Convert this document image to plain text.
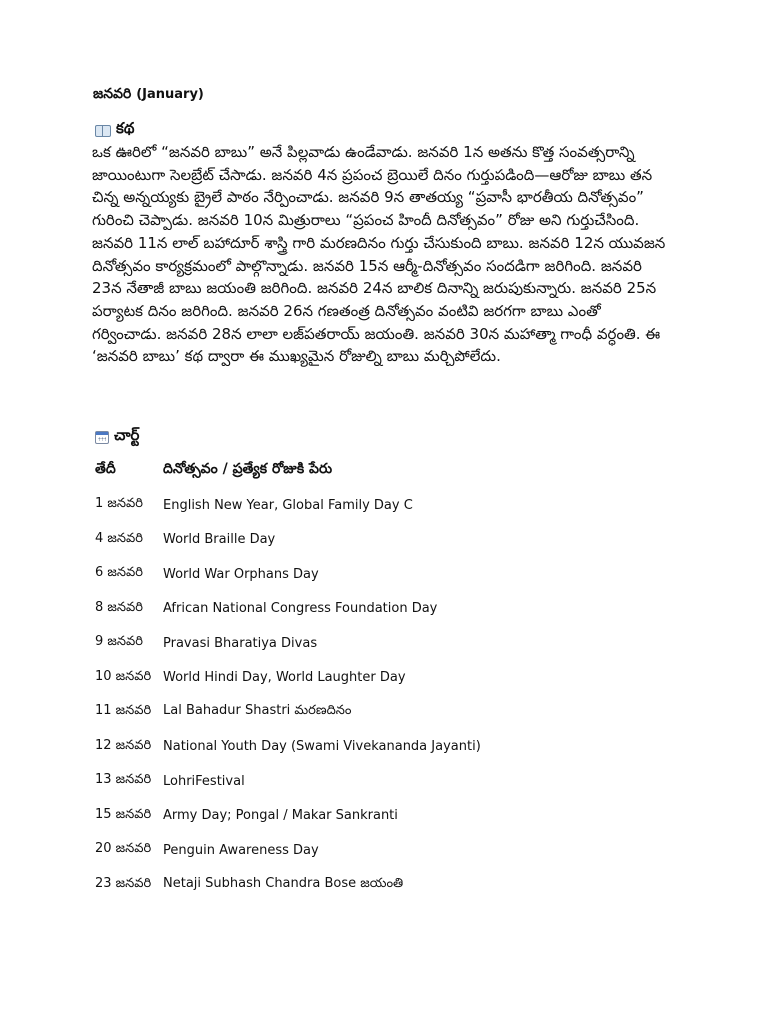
జనవరి (January)
కథ

ఒక ఊరిలో “జనవరి బాబు” అనే పిల్లవాడు ఉండేవాడు. జనవరి 1న అతను కొత్త సంవత్సరాన్ని జాయింటుగా సెలబ్రేట్ చేసాడు. జనవరి 4న ప్రపంచ బ్రెయిలే దినం గుర్తుపడింది—ఆరోజు బాబు తన చిన్న అన్నయ్యకు బ్రైలే పాఠం నేర్పించాడు. జనవరి 9న తాతయ్య “ప్రవాసీ భారతీయ దినోత్సవం” గురించి చెప్పాడు. జనవరి 10న మిత్రురాలు “ప్రపంచ హిందీ దినోత్సవం” రోజు అని గుర్తుచేసింది. జనవరి 11న లాల్ బహాదూర్ శాస్త్రి గారి మరణదినం గుర్తు చేసుకుంది బాబు. జనవరి 12న యువజన దినోత్సవం కార్యక్రమంలో పాల్గొన్నాడు. జనవరి 15న ఆర్మీ-దినోత్సవం సందడిగా జరిగింది. జనవరి 23న నేతాజీ బాబు జయంతి జరిగింది. జనవరి 24న బాలిక దినాన్ని జరుపుకున్నారు. జనవరి 25న పర్యాటక దినం జరిగింది. జనవరి 26న గణతంత్ర దినోత్సవం వంటివి జరగగా బాబు ఎంతో గర్వించాడు. జనవరి 28న లాలా లజ్‌పతరాయ్ జయంతి. జనవరి 30న మహాత్మా గాంధీ వర్ధంతి. ఈ ‘జనవరి బాబు’ కథ ద్వారా ఈ ముఖ్యమైన రోజుల్ని బాబు మర్చిపోలేదు.

చార్ట్
తేదీ	దినోత్సవం / ప్రత్యేక రోజుకి పేరు
1 జనవరి	English New Year, Global Family Day C
4 జనవరి	World Braille Day
6 జనవరి	World War Orphans Day
8 జనవరి	African National Congress Foundation Day
9 జనవరి	Pravasi Bharatiya Divas
10 జనవరి World Hindi Day, World Laughter Day
11 జనవరి Lal Bahadur Shastri మరణదినం
12 జనవరి National Youth Day (Swami Vivekananda Jayanti)
13 జనవరి LohriFestival
15 జనవరి Army Day; Pongal / Makar Sankranti
20 జనవరి Penguin Awareness Day
23 జనవరి Netaji Subhash Chandra Bose జయంతి
